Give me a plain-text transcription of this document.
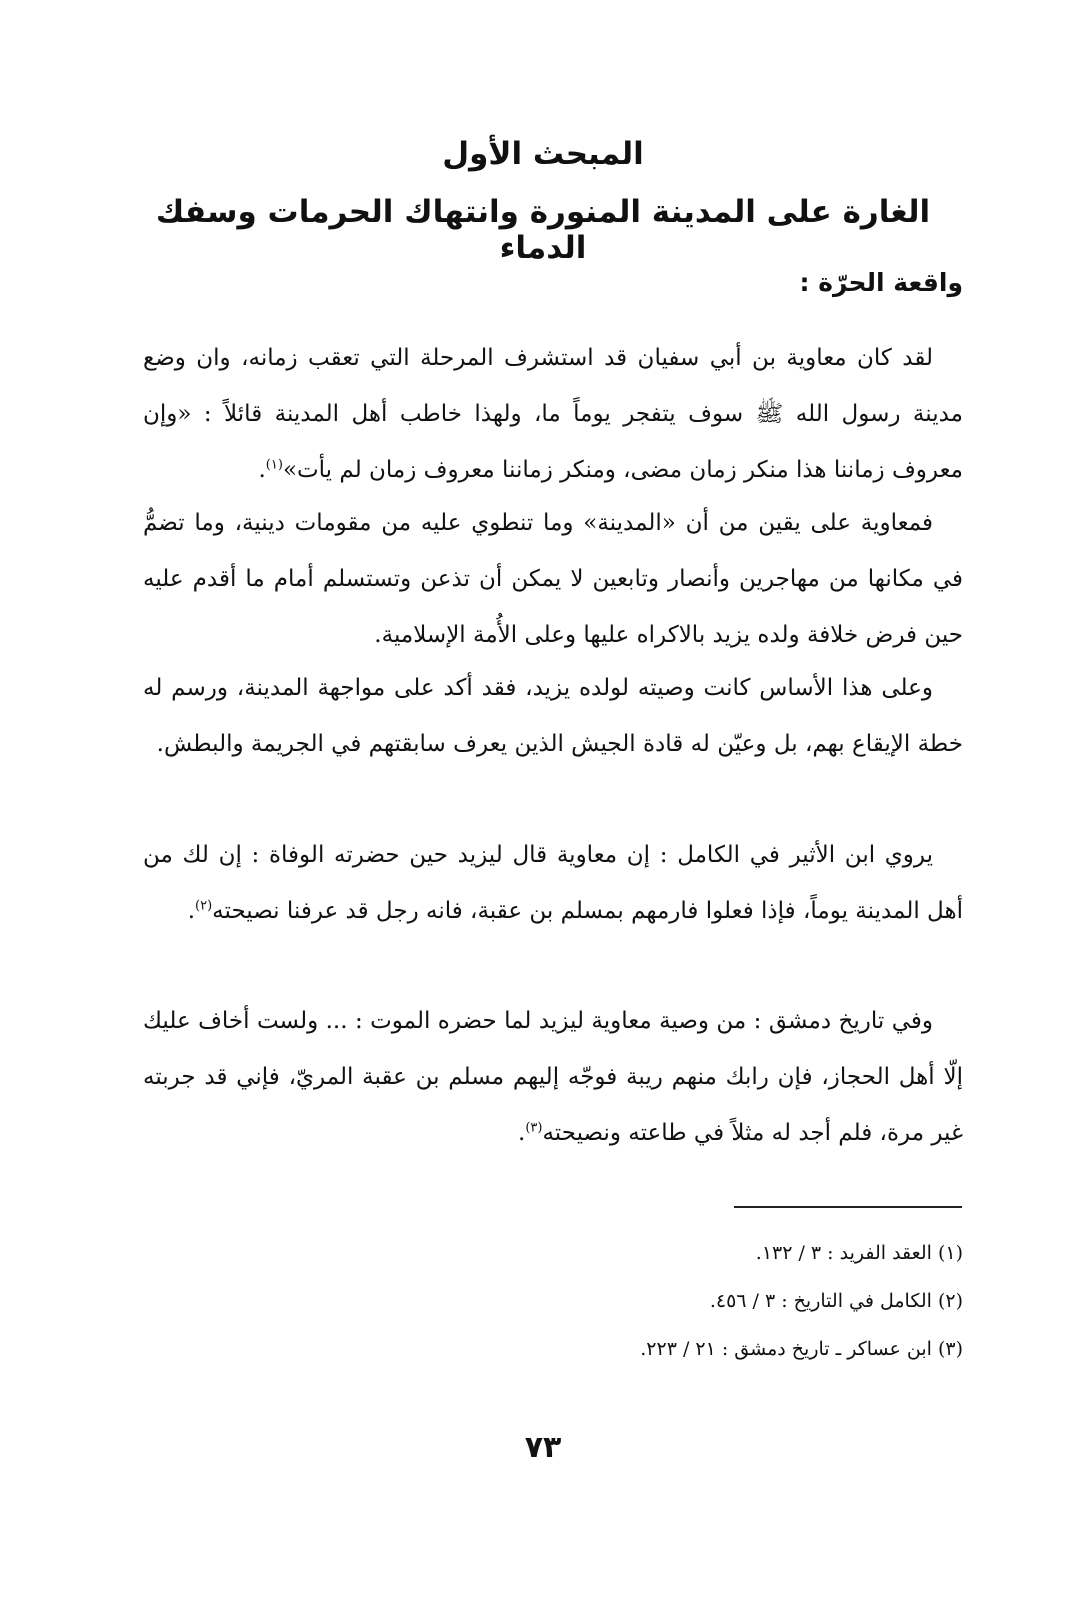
المبحث الأول
الغارة على المدينة المنورة وانتهاك الحرمات وسفك الدماء
واقعة الحرّة :

لقد كان معاوية بن أبي سفيان قد استشرف المرحلة التي تعقب زمانه، وان وضع مدينة رسول الله ﷺ سوف يتفجر يوماً ما، ولهذا خاطب أهل المدينة قائلاً : «وإن معروف زماننا هذا منكر زمان مضى، ومنكر زماننا معروف زمان لم يأت»$^{(١)}$.

فمعاوية على يقين من أن «المدينة» وما تنطوي عليه من مقومات دينية، وما تضمُّ في مكانها من مهاجرين وأنصار وتابعين لا يمكن أن تذعن وتستسلم أمام ما أقدم عليه حين فرض خلافة ولده يزيد بالاكراه عليها وعلى الأُمة الإسلامية.

وعلى هذا الأساس كانت وصيته لولده يزيد، فقد أكد على مواجهة المدينة، ورسم له خطة الإيقاع بهم، بل وعيّن له قادة الجيش الذين يعرف سابقتهم في الجريمة والبطش.

يروي ابن الأثير في الكامل : إن معاوية قال ليزيد حين حضرته الوفاة : إن لك من أهل المدينة يوماً، فإذا فعلوا فارمهم بمسلم بن عقبة، فانه رجل قد عرفنا نصيحته$^{(٢)}$.

وفي تاريخ دمشق : من وصية معاوية ليزيد لما حضره الموت : ... ولست أخاف عليك إلّا أهل الحجاز، فإن رابك منهم ريبة فوجّه إليهم مسلم بن عقبة المريّ، فإني قد جربته غير مرة، فلم أجد له مثلاً في طاعته ونصيحته$^{(٣)}$.

(١) العقد الفريد : ٣ / ١٣٢.
(٢) الكامل في التاريخ : ٣ / ٤٥٦.
(٣) ابن عساكر ـ تاريخ دمشق : ٢١ / ٢٢٣.
٧٣
